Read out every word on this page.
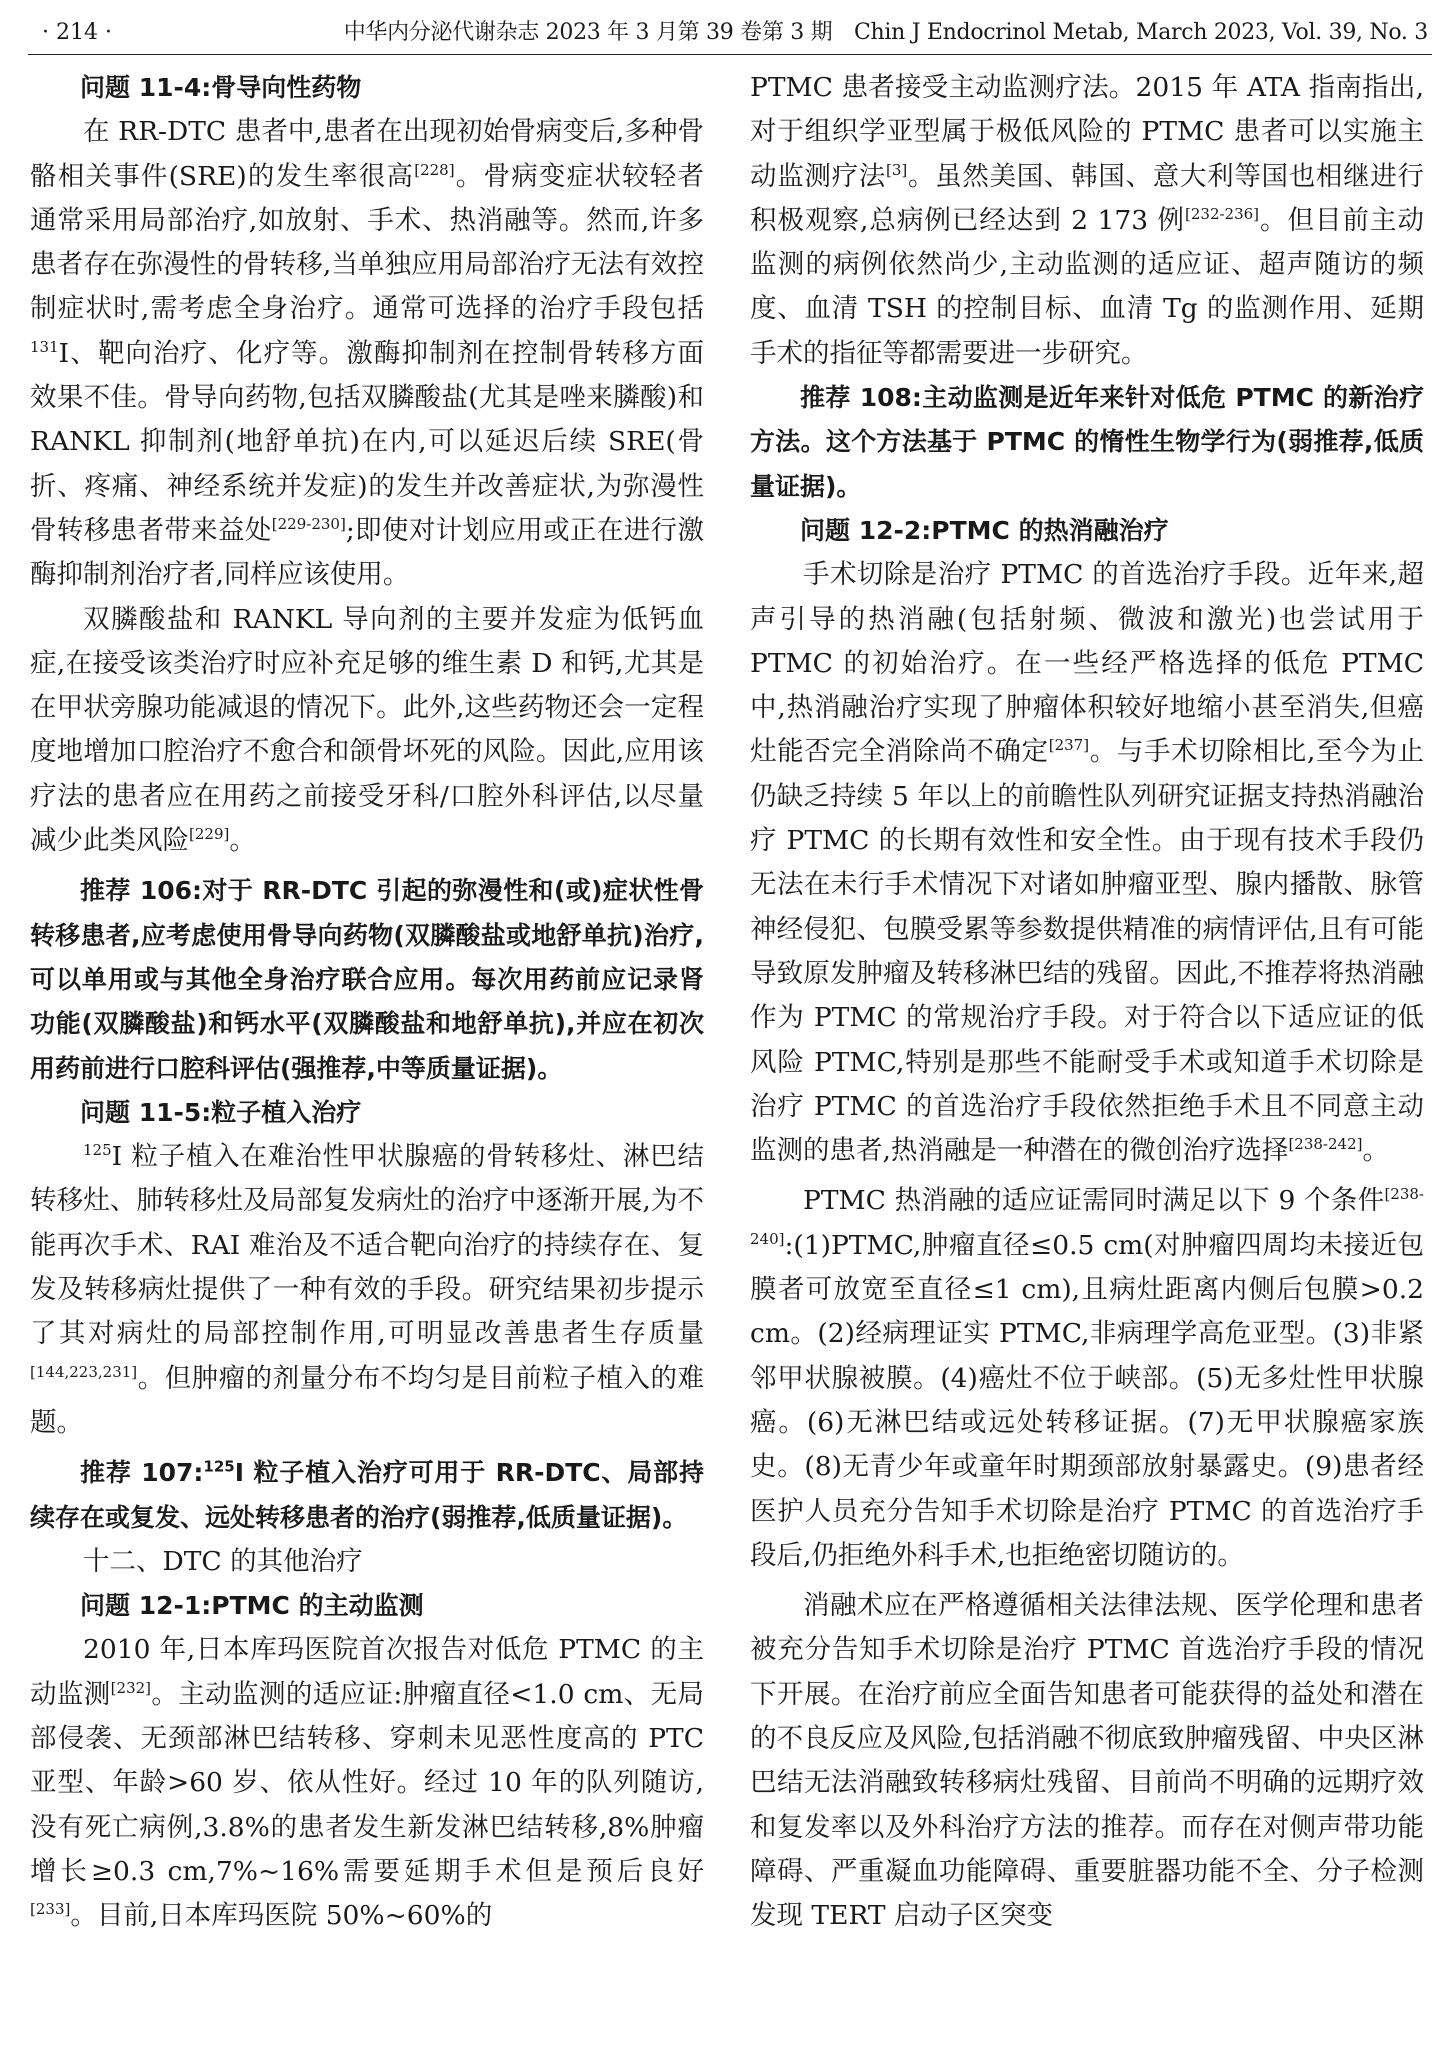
· 214 ·	中华内分泌代谢杂志 2023 年 3 月第 39 卷第 3 期　Chin J Endocrinol Metab, March 2023, Vol. 39, No. 3

问题 11-4:骨导向性药物

在 RR-DTC 患者中,患者在出现初始骨病变后,多种骨骼相关事件(SRE)的发生率很高[228]。骨病变症状较轻者通常采用局部治疗,如放射、手术、热消融等。然而,许多患者存在弥漫性的骨转移,当单独应用局部治疗无法有效控制症状时,需考虑全身治疗。通常可选择的治疗手段包括$^{131}$I、靶向治疗、化疗等。激酶抑制剂在控制骨转移方面效果不佳。骨导向药物,包括双膦酸盐(尤其是唑来膦酸)和 RANKL 抑制剂(地舒单抗)在内,可以延迟后续 SRE(骨折、疼痛、神经系统并发症)的发生并改善症状,为弥漫性骨转移患者带来益处[229-230];即使对计划应用或正在进行激酶抑制剂治疗者,同样应该使用。

双膦酸盐和 RANKL 导向剂的主要并发症为低钙血症,在接受该类治疗时应补充足够的维生素 D 和钙,尤其是在甲状旁腺功能减退的情况下。此外,这些药物还会一定程度地增加口腔治疗不愈合和颌骨坏死的风险。因此,应用该疗法的患者应在用药之前接受牙科/口腔外科评估,以尽量减少此类风险[229]。

推荐 106:对于 RR-DTC 引起的弥漫性和(或)症状性骨转移患者,应考虑使用骨导向药物(双膦酸盐或地舒单抗)治疗,可以单用或与其他全身治疗联合应用。每次用药前应记录肾功能(双膦酸盐)和钙水平(双膦酸盐和地舒单抗),并应在初次用药前进行口腔科评估(强推荐,中等质量证据)。

问题 11-5:粒子植入治疗

$^{125}$I 粒子植入在难治性甲状腺癌的骨转移灶、淋巴结转移灶、肺转移灶及局部复发病灶的治疗中逐渐开展,为不能再次手术、RAI 难治及不适合靶向治疗的持续存在、复发及转移病灶提供了一种有效的手段。研究结果初步提示了其对病灶的局部控制作用,可明显改善患者生存质量[144,223,231]。但肿瘤的剂量分布不均匀是目前粒子植入的难题。

推荐 107:$^{125}$I 粒子植入治疗可用于 RR-DTC、局部持续存在或复发、远处转移患者的治疗(弱推荐,低质量证据)。

十二、DTC 的其他治疗

问题 12-1:PTMC 的主动监测

2010 年,日本库玛医院首次报告对低危 PTMC 的主动监测[232]。主动监测的适应证:肿瘤直径<1.0 cm、无局部侵袭、无颈部淋巴结转移、穿刺未见恶性度高的 PTC 亚型、年龄>60 岁、依从性好。经过 10 年的队列随访,没有死亡病例,3.8%的患者发生新发淋巴结转移,8%肿瘤增长≥0.3 cm,7%~16%需要延期手术但是预后良好[233]。目前,日本库玛医院 50%~60%的

PTMC 患者接受主动监测疗法。2015 年 ATA 指南指出,对于组织学亚型属于极低风险的 PTMC 患者可以实施主动监测疗法[3]。虽然美国、韩国、意大利等国也相继进行积极观察,总病例已经达到 2 173 例[232-236]。但目前主动监测的病例依然尚少,主动监测的适应证、超声随访的频度、血清 TSH 的控制目标、血清 Tg 的监测作用、延期手术的指征等都需要进一步研究。

推荐 108:主动监测是近年来针对低危 PTMC 的新治疗方法。这个方法基于 PTMC 的惰性生物学行为(弱推荐,低质量证据)。

问题 12-2:PTMC 的热消融治疗

手术切除是治疗 PTMC 的首选治疗手段。近年来,超声引导的热消融(包括射频、微波和激光)也尝试用于 PTMC 的初始治疗。在一些经严格选择的低危 PTMC 中,热消融治疗实现了肿瘤体积较好地缩小甚至消失,但癌灶能否完全消除尚不确定[237]。与手术切除相比,至今为止仍缺乏持续 5 年以上的前瞻性队列研究证据支持热消融治疗 PTMC 的长期有效性和安全性。由于现有技术手段仍无法在未行手术情况下对诸如肿瘤亚型、腺内播散、脉管神经侵犯、包膜受累等参数提供精准的病情评估,且有可能导致原发肿瘤及转移淋巴结的残留。因此,不推荐将热消融作为 PTMC 的常规治疗手段。对于符合以下适应证的低风险 PTMC,特别是那些不能耐受手术或知道手术切除是治疗 PTMC 的首选治疗手段依然拒绝手术且不同意主动监测的患者,热消融是一种潜在的微创治疗选择[238-242]。

PTMC 热消融的适应证需同时满足以下 9 个条件[238-240]:(1)PTMC,肿瘤直径≤0.5 cm(对肿瘤四周均未接近包膜者可放宽至直径≤1 cm),且病灶距离内侧后包膜>0.2 cm。(2)经病理证实 PTMC,非病理学高危亚型。(3)非紧邻甲状腺被膜。(4)癌灶不位于峡部。(5)无多灶性甲状腺癌。(6)无淋巴结或远处转移证据。(7)无甲状腺癌家族史。(8)无青少年或童年时期颈部放射暴露史。(9)患者经医护人员充分告知手术切除是治疗 PTMC 的首选治疗手段后,仍拒绝外科手术,也拒绝密切随访的。

消融术应在严格遵循相关法律法规、医学伦理和患者被充分告知手术切除是治疗 PTMC 首选治疗手段的情况下开展。在治疗前应全面告知患者可能获得的益处和潜在的不良反应及风险,包括消融不彻底致肿瘤残留、中央区淋巴结无法消融致转移病灶残留、目前尚不明确的远期疗效和复发率以及外科治疗方法的推荐。而存在对侧声带功能障碍、严重凝血功能障碍、重要脏器功能不全、分子检测发现 TERT 启动子区突变
